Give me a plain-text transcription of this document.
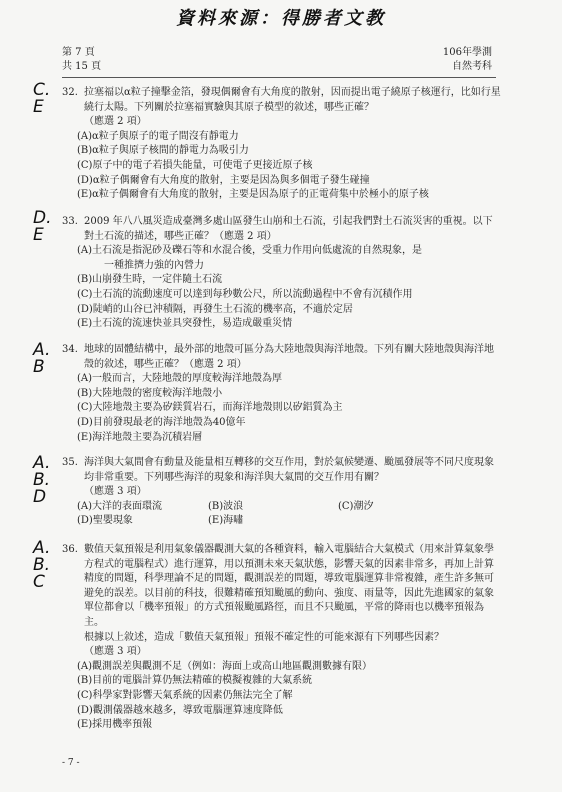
資料來源：得勝者文教
第 7 頁
共 15 頁
106年學測
自然考科
C.
E
32. 拉塞福以α粒子撞擊金箔，發現偶爾會有大角度的散射，因而提出電子繞原子核運行，比如行星繞行太陽。下列關於拉塞福實驗與其原子模型的敘述，哪些正確？
（應選 2 項）
(A)α粒子與原子的電子間沒有靜電力
(B)α粒子與原子核間的靜電力為吸引力
(C)原子中的電子若損失能量，可使電子更接近原子核
(D)α粒子偶爾會有大角度的散射，主要是因為與多個電子發生碰撞
(E)α粒子偶爾會有大角度的散射，主要是因為原子的正電荷集中於極小的原子核
D.
E
33. 2009 年八八風災造成臺灣多處山區發生山崩和土石流，引起我們對土石流災害的重視。以下對土石流的描述，哪些正確？（應選 2 項）
(A)土石流是指泥砂及礫石等和水混合後，受重力作用向低處流的自然現象，是
一種推擠力強的內營力
(B)山崩發生時，一定伴隨土石流
(C)土石流的流動速度可以達到每秒數公尺，所以流動過程中不會有沉積作用
(D)陡峭的山谷已沖積隔，再發生土石流的機率高，不適於定居
(E)土石流的流速快並具突發性，易造成嚴重災情
A.
B
34. 地球的固體結構中，最外部的地殼可區分為大陸地殼與海洋地殼。下列有關大陸地殼與海洋地殼的敘述，哪些正確？（應選 2 項）
(A)一般而言，大陸地殼的厚度較海洋地殼為厚
(B)大陸地殼的密度較海洋地殼小
(C)大陸地殼主要為矽鎂質岩石，而海洋地殼則以矽鋁質為主
(D)目前發現最老的海洋地殼為40億年
(E)海洋地殼主要為沉積岩層
A.
B.
D
35. 海洋與大氣間會有動量及能量相互轉移的交互作用，對於氣候變遷、颱風發展等不同尺度現象均非常重要。下列哪些海洋的現象和海洋與大氣間的交互作用有關？
（應選 3 項）
(A)大洋的表面環流	(B)波浪	(C)潮汐
(D)聖嬰現象	(E)海嘯
A.
B.
C
36. 數值天氣預報是利用氣象儀器觀測大氣的各種資料，輸入電腦結合大氣模式（用來計算氣象學方程式的電腦程式）進行運算，用以預測未來天氣狀態，影響天氣的因素非常多，再加上計算精度的問題，科學理論不足的問題，觀測誤差的問題，導致電腦運算非常複雜，產生許多無可避免的誤差。以目前的科技，很難精確預知颱風的動向、強度、雨量等，因此先進國家的氣象單位都會以「機率預報」的方式預報颱風路徑，而且不只颱風，平常的降雨也以機率預報為主。
根據以上敘述，造成「數值天氣預報」預報不確定性的可能來源有下列哪些因素？
（應選 3 項）
(A)觀測誤差與觀測不足（例如：海面上或高山地區觀測數據有限）
(B)目前的電腦計算仍無法精確的模擬複雜的大氣系統
(C)科學家對影響天氣系統的因素仍無法完全了解
(D)觀測儀器越來越多，導致電腦運算速度降低
(E)採用機率預報
- 7 -
